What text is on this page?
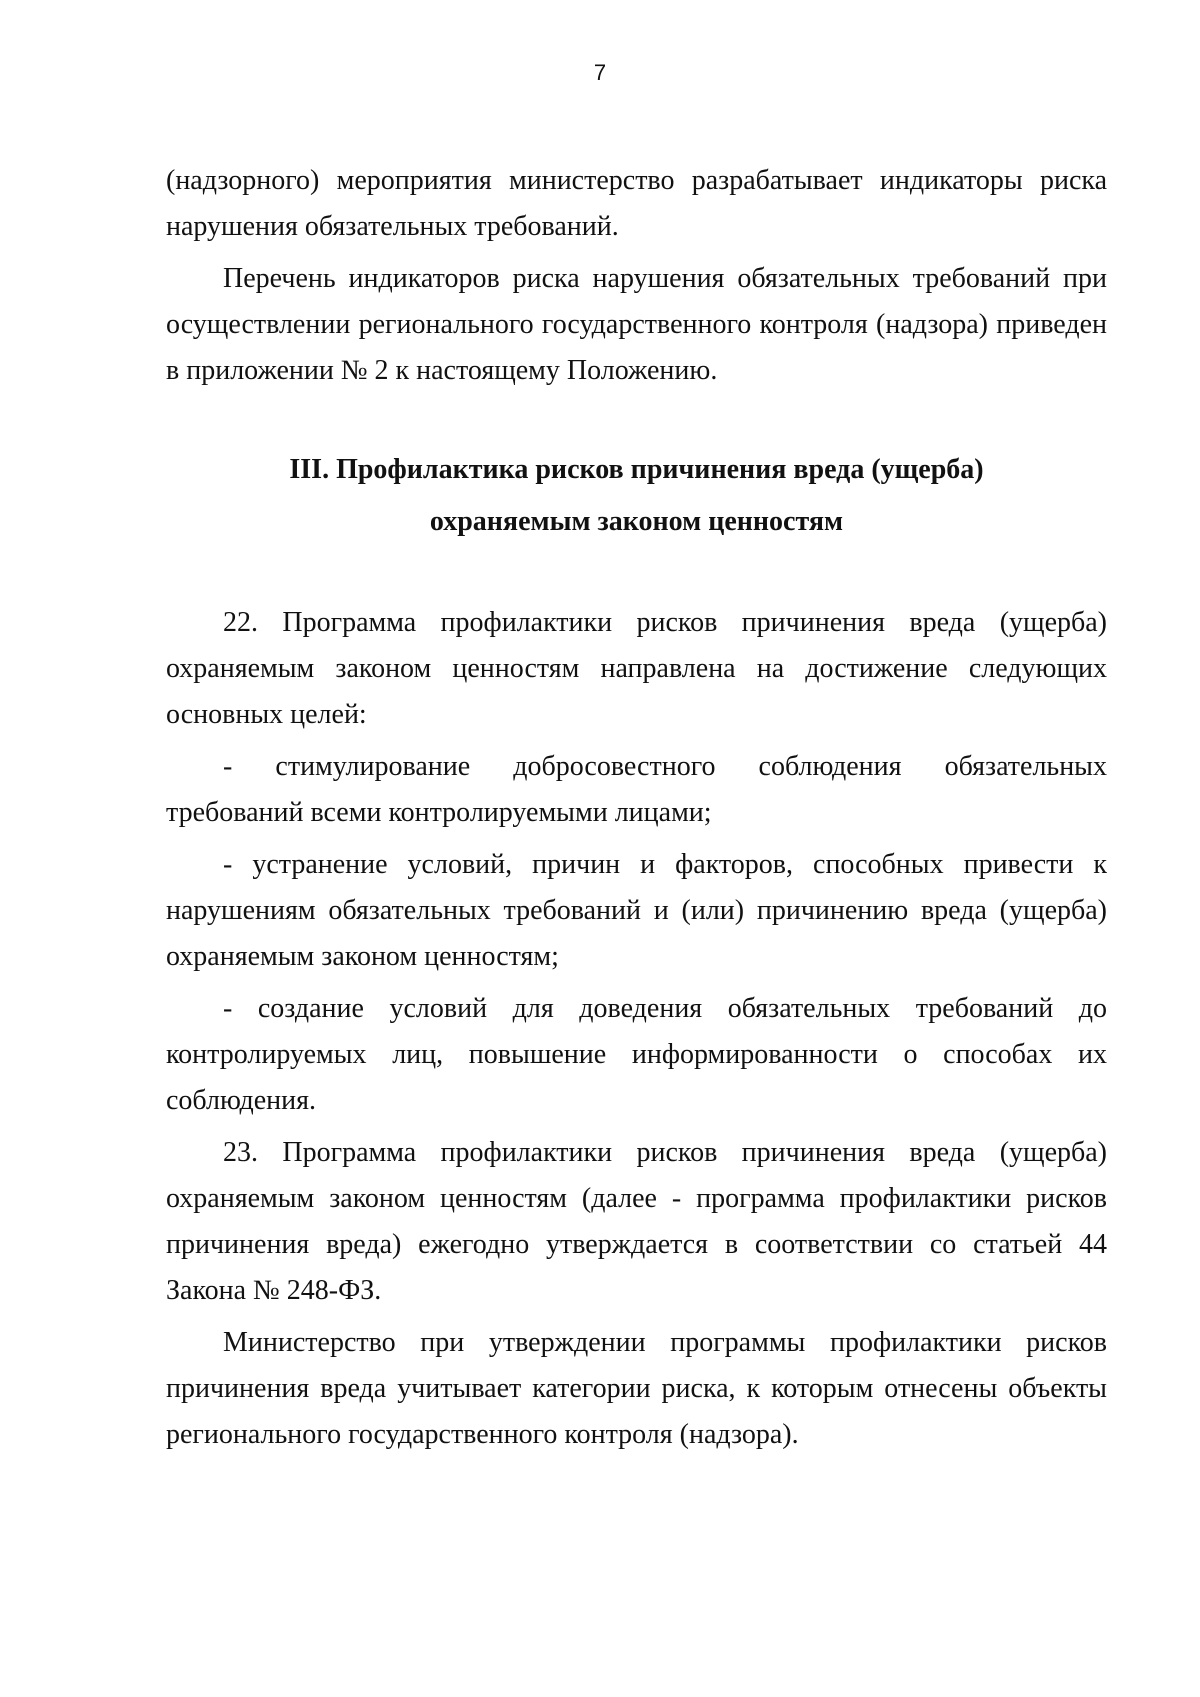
7

(надзорного) мероприятия министерство разрабатывает индикаторы риска нарушения обязательных требований.

Перечень индикаторов риска нарушения обязательных требований при осуществлении регионального государственного контроля (надзора) приведен в приложении № 2 к настоящему Положению.

III. Профилактика рисков причинения вреда (ущерба)
охраняемым законом ценностям

22. Программа профилактики рисков причинения вреда (ущерба) охраняемым законом ценностям направлена на достижение следующих основных целей:

- стимулирование добросовестного соблюдения обязательных требований всеми контролируемыми лицами;

- устранение условий, причин и факторов, способных привести к нарушениям обязательных требований и (или) причинению вреда (ущерба) охраняемым законом ценностям;

- создание условий для доведения обязательных требований до контролируемых лиц, повышение информированности о способах их соблюдения.

23. Программа профилактики рисков причинения вреда (ущерба) охраняемым законом ценностям (далее - программа профилактики рисков причинения вреда) ежегодно утверждается в соответствии со статьей 44 Закона № 248-ФЗ.

Министерство при утверждении программы профилактики рисков причинения вреда учитывает категории риска, к которым отнесены объекты регионального государственного контроля (надзора).
